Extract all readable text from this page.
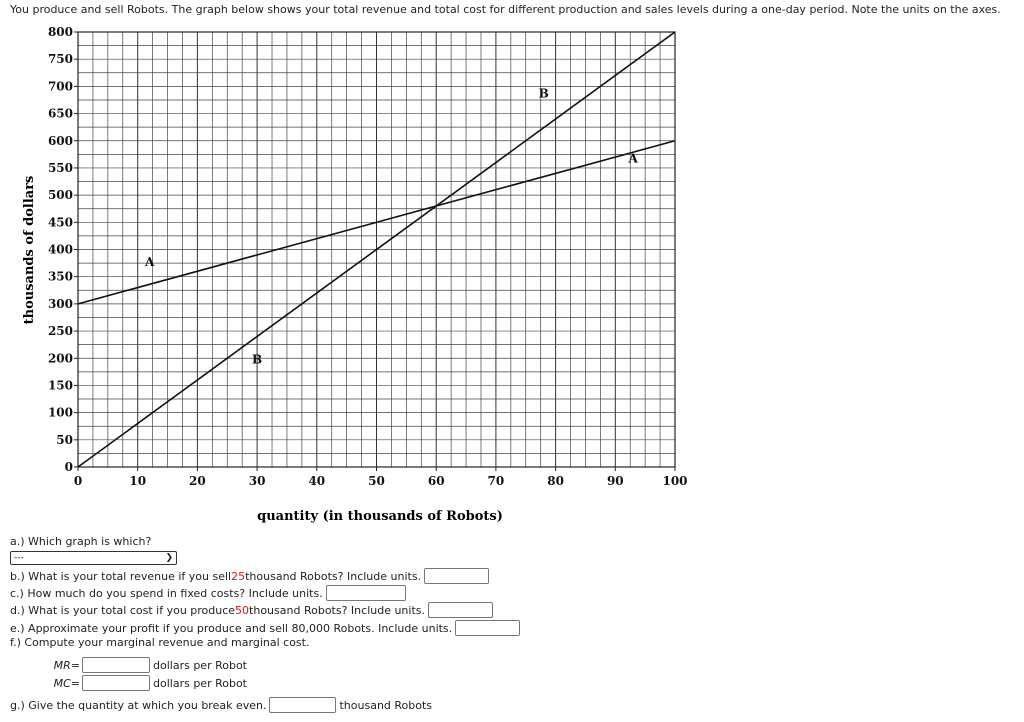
You produce and sell Robots. The graph below shows your total revenue and total cost for different production and sales levels during a one-day period. Note the units on the axes.
0
50
100
150
200
250
300
350
400
450
500
550
600
650
700
750
800
0	10	20	30	40	50	60	70	80	90	100
A
B
B
A
thousands of dollars
quantity (in thousands of Robots)
a.) Which graph is which?
---	❯
b.) What is your total revenue if you sell 25 thousand Robots? Include units.
c.) How much do you spend in fixed costs? Include units.
d.) What is your total cost if you produce 50 thousand Robots? Include units.
e.) Approximate your profit if you produce and sell 80,000 Robots. Include units.
f.) Compute your marginal revenue and marginal cost.
MR=	dollars per Robot
MC=	dollars per Robot
g.) Give the quantity at which you break even.	thousand Robots
